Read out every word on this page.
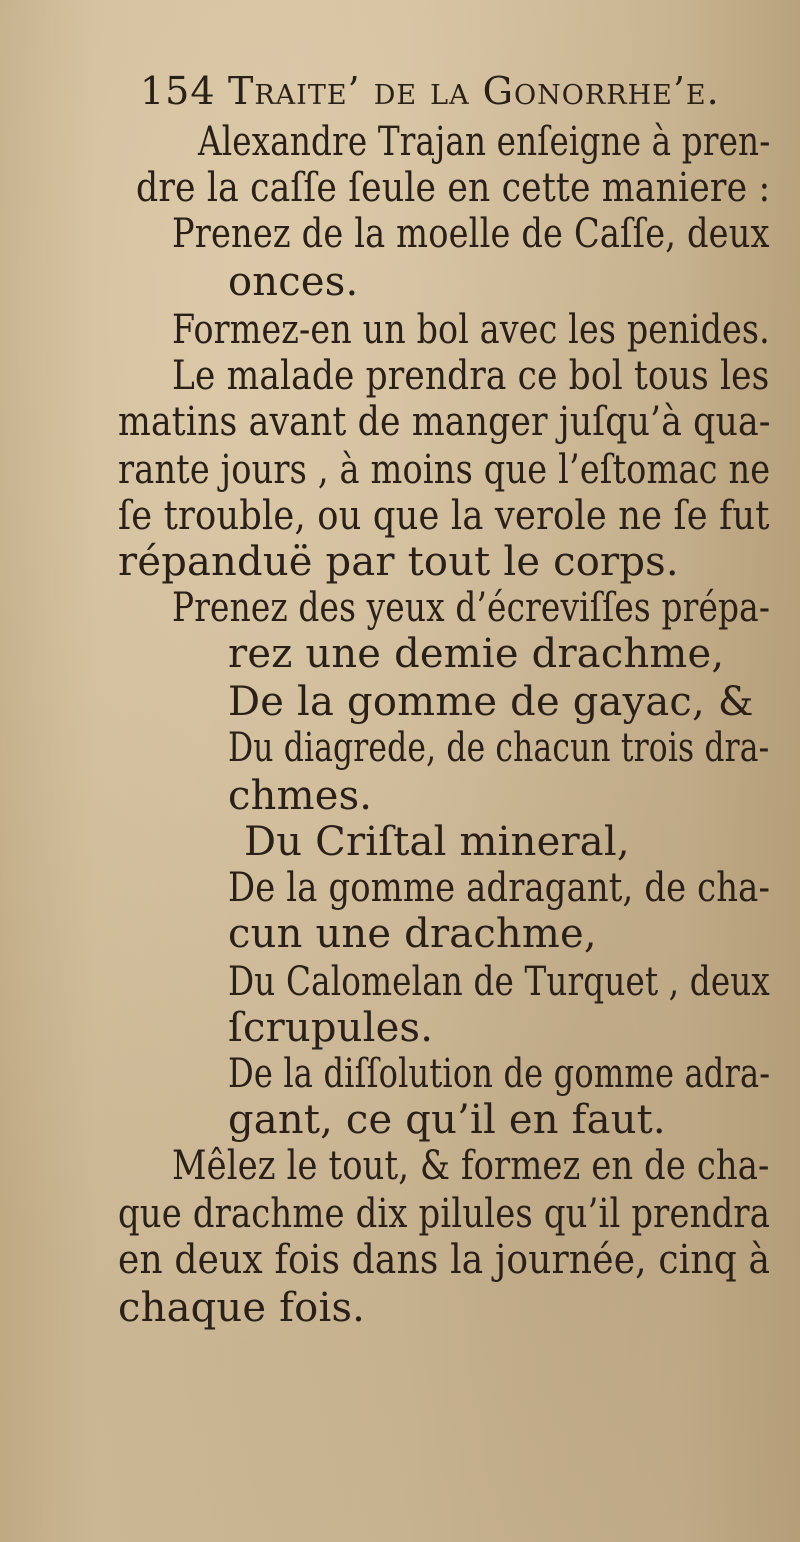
154 Traite’ de la Gonorrhe’e.
Alexandre Trajan enſeigne à pren-
dre la caſſe ſeule en cette maniere :
Prenez de la moelle de Caſſe, deux
onces.
Formez-en un bol avec les penides.
Le malade prendra ce bol tous les
matins avant de manger juſqu’à qua-
rante jours , à moins que l’eſtomac ne
ſe trouble, ou que la verole ne ſe fut
répanduë par tout le corps.
Prenez des yeux d’écreviſſes prépa-
rez une demie drachme,
De la gomme de gayac, &
Du diagrede, de chacun trois dra-
chmes.
Du Criſtal mineral,
De la gomme adragant, de cha-
cun une drachme,
Du Calomelan de Turquet , deux
ſcrupules.
De la diſſolution de gomme adra-
gant, ce qu’il en faut.
Mêlez le tout, & formez en de cha-
que drachme dix pilules qu’il prendra
en deux fois dans la journée, cinq à
chaque fois.
